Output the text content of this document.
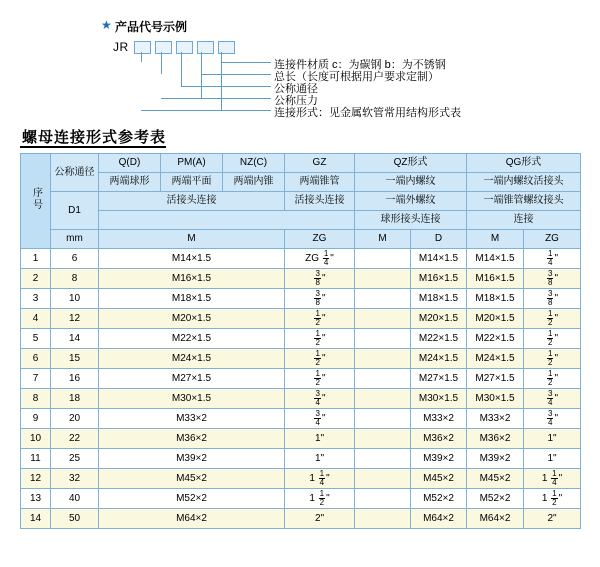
★ 产品代号示例
JR
连接件材质 c：为碳钢 b：为不锈钢
总长（长度可根据用户要求定制）
公称通径
公称压力
连接形式：见金属软管常用结构形式表
螺母连接形式参考表
序号	公称通径	Q(D)	PM(A)	NZ(C)	GZ	QZ形式		QG形式	
		两端球形	两端平面	两端内锥	两端锥管	一端内螺纹		一端内螺纹活接头	
	D1	活接头连接			活接头连接	一端外螺纹		一端锥管螺纹接头	
						球形接头连接		连接	
	mm	M			ZG	M	D	M	ZG
1	6	M14×1.5			ZG $\frac{1}{4}$ "		M14×1.5	M14×1.5	$\frac{1}{4}$ "
2	8	M16×1.5			$\frac{3}{8}$ "		M16×1.5	M16×1.5	$\frac{3}{8}$ "
3	10	M18×1.5			$\frac{3}{8}$ "		M18×1.5	M18×1.5	$\frac{3}{8}$ "
4	12	M20×1.5			$\frac{1}{2}$ "		M20×1.5	M20×1.5	$\frac{1}{2}$ "
5	14	M22×1.5			$\frac{1}{2}$ "		M22×1.5	M22×1.5	$\frac{1}{2}$ "
6	15	M24×1.5			$\frac{1}{2}$ "		M24×1.5	M24×1.5	$\frac{1}{2}$ "
7	16	M27×1.5			$\frac{1}{2}$ "		M27×1.5	M27×1.5	$\frac{1}{2}$ "
8	18	M30×1.5			$\frac{3}{4}$ "		M30×1.5	M30×1.5	$\frac{3}{4}$ "
9	20	M33×2			$\frac{3}{4}$ "		M33×2	M33×2	$\frac{3}{4}$ "
10	22	M36×2			1"		M36×2	M36×2	1"
11	25	M39×2			1"		M39×2	M39×2	1"
12	32	M45×2			$1 \frac{1}{4}$ "		M45×2	M45×2	$1 \frac{1}{4}$ "
13	40	M52×2			$1 \frac{1}{2}$ "		M52×2	M52×2	$1 \frac{1}{2}$ "
14	50	M64×2			2"		M64×2	M64×2	2"
